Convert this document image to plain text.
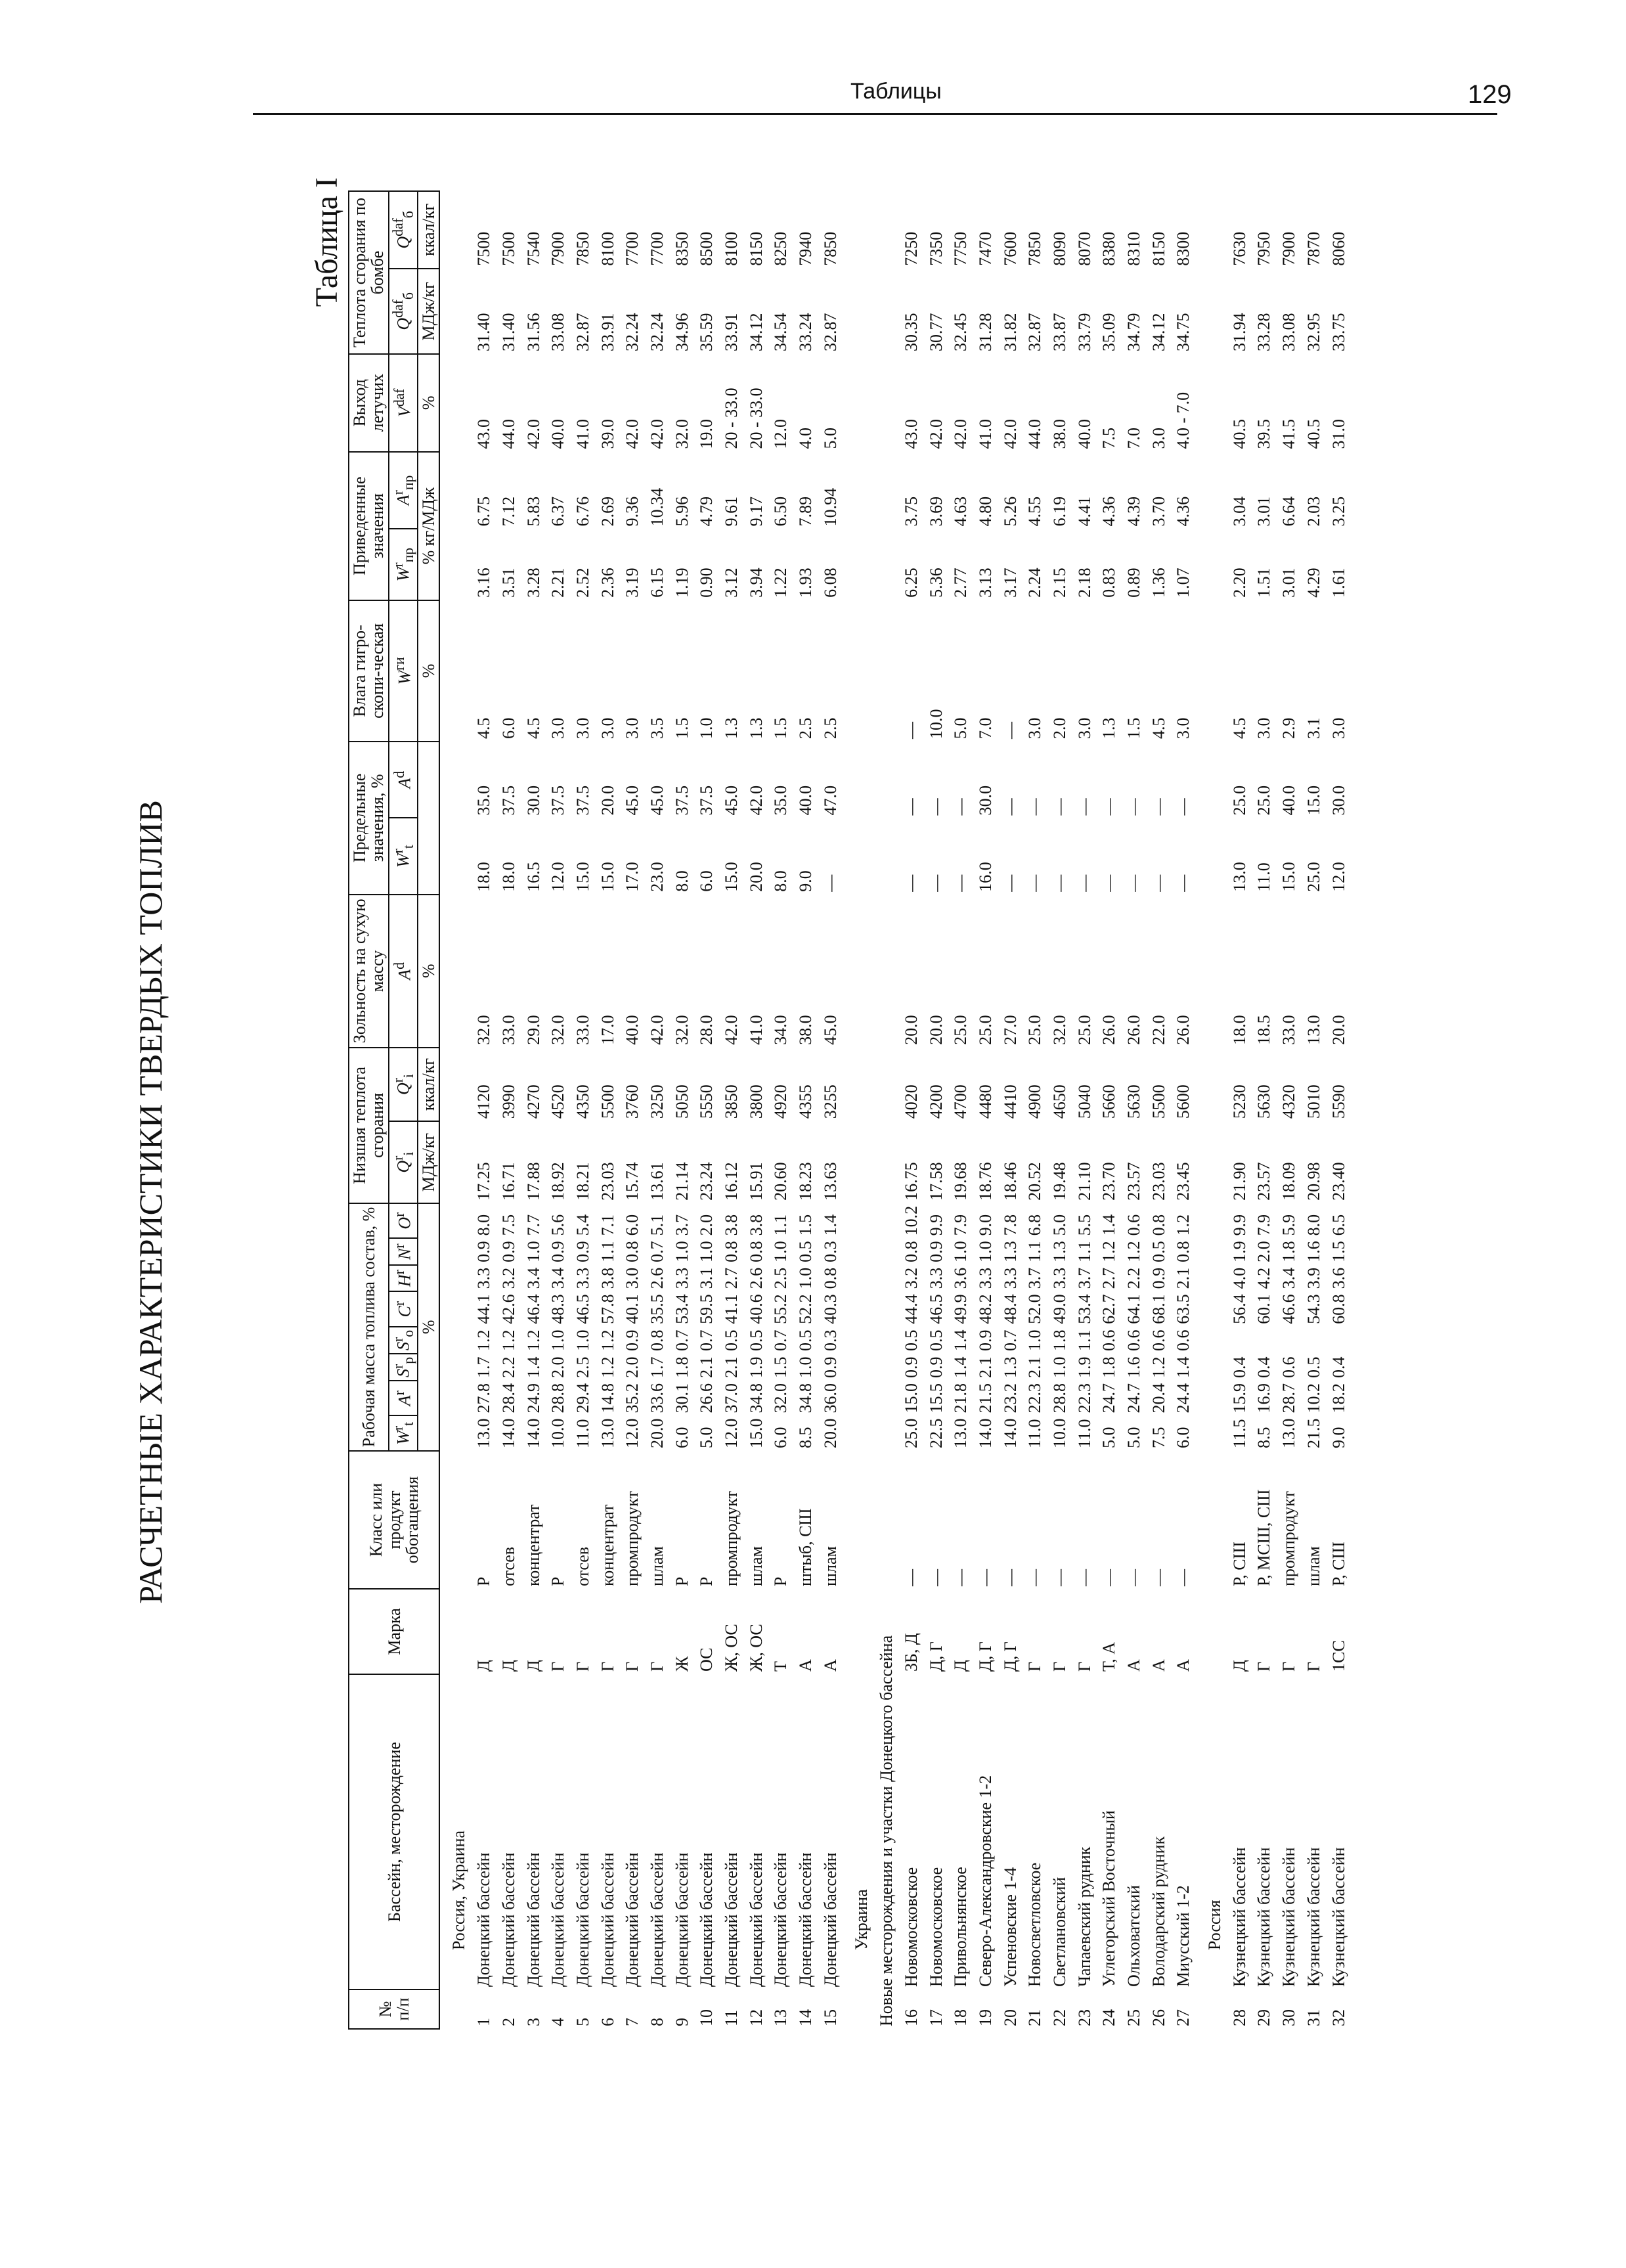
Таблицы	129
РАСЧЕТНЫЕ ХАРАКТЕРИСТИКИ ТВЕРДЫХ ТОПЛИВ
Таблица I
№ п/п	Бассейн, месторождение	Марка	Класс или продукт обогащения	Рабочая масса топлива состав, %								Низшая теплота сгорания		Зольность на сухую массу	Предельные значения, %		Влага гигро-скопи-ческая	Приведенные значения		Выход летучих	Теплота сгорания по бомбе	
				$W^r_t$	$A^r$	$S^r_p$	$S^r_o$	$C^r$	$H^r$	$N^r$	$O^r$	$Q^r_i$	$Q^r_i$	$A^d$	$W^r_t$	$A^d$	$W^{ги}$	$W^r_{пр}$	$A^r_{пр}$	$V^{daf}$	$Q^{daf}_б$	$Q^{daf}_б$
				%								МДж/кг	ккал/кг	%			%	% кг/МДж		%	МДж/кг	ккал/кг
Россия, Украина																						
1	Донецкий бассейн	Д	Р	13.0	27.8	1.7	1.2	44.1	3.3	0.9	8.0	17.25	4120	32.0	18.0	35.0	4.5	3.16	6.75	43.0	31.40	7500
2	Донецкий бассейн	Д	отсев	14.0	28.4	2.2	1.2	42.6	3.2	0.9	7.5	16.71	3990	33.0	18.0	37.5	6.0	3.51	7.12	44.0	31.40	7500
3	Донецкий бассейн	Д	концентрат	14.0	24.9	1.4	1.2	46.4	3.4	1.0	7.7	17.88	4270	29.0	16.5	30.0	4.5	3.28	5.83	42.0	31.56	7540
4	Донецкий бассейн	Г	Р	10.0	28.8	2.0	1.0	48.3	3.4	0.9	5.6	18.92	4520	32.0	12.0	37.5	3.0	2.21	6.37	40.0	33.08	7900
5	Донецкий бассейн	Г	отсев	11.0	29.4	2.5	1.0	46.5	3.3	0.9	5.4	18.21	4350	33.0	15.0	37.5	3.0	2.52	6.76	41.0	32.87	7850
6	Донецкий бассейн	Г	концентрат	13.0	14.8	1.2	1.2	57.8	3.8	1.1	7.1	23.03	5500	17.0	15.0	20.0	3.0	2.36	2.69	39.0	33.91	8100
7	Донецкий бассейн	Г	промпродукт	12.0	35.2	2.0	0.9	40.1	3.0	0.8	6.0	15.74	3760	40.0	17.0	45.0	3.0	3.19	9.36	42.0	32.24	7700
8	Донецкий бассейн	Г	шлам	20.0	33.6	1.7	0.8	35.5	2.6	0.7	5.1	13.61	3250	42.0	23.0	45.0	3.5	6.15	10.34	42.0	32.24	7700
9	Донецкий бассейн	Ж	Р	6.0	30.1	1.8	0.7	53.4	3.3	1.0	3.7	21.14	5050	32.0	8.0	37.5	1.5	1.19	5.96	32.0	34.96	8350
10	Донецкий бассейн	ОС	Р	5.0	26.6	2.1	0.7	59.5	3.1	1.0	2.0	23.24	5550	28.0	6.0	37.5	1.0	0.90	4.79	19.0	35.59	8500
11	Донецкий бассейн	Ж, ОС	промпродукт	12.0	37.0	2.1	0.5	41.1	2.7	0.8	3.8	16.12	3850	42.0	15.0	45.0	1.3	3.12	9.61	20 - 33.0	33.91	8100
12	Донецкий бассейн	Ж, ОС	шлам	15.0	34.8	1.9	0.5	40.6	2.6	0.8	3.8	15.91	3800	41.0	20.0	42.0	1.3	3.94	9.17	20 - 33.0	34.12	8150
13	Донецкий бассейн	Т	Р	6.0	32.0	1.5	0.7	55.2	2.5	1.0	1.1	20.60	4920	34.0	8.0	35.0	1.5	1.22	6.50	12.0	34.54	8250
14	Донецкий бассейн	А	штыб, СШ	8.5	34.8	1.0	0.5	52.2	1.0	0.5	1.5	18.23	4355	38.0	9.0	40.0	2.5	1.93	7.89	4.0	33.24	7940
15	Донецкий бассейн	А	шлам	20.0	36.0	0.9	0.3	40.3	0.8	0.3	1.4	13.63	3255	45.0	—	47.0	2.5	6.08	10.94	5.0	32.87	7850
Украина																						
Новые месторождения и участки Донецкого бассейна																						
16	Новомосковское	3Б, Д	—	25.0	15.0	0.9	0.5	44.4	3.2	0.8	10.2	16.75	4020	20.0	—	—	—	6.25	3.75	43.0	30.35	7250
17	Новомосковское	Д, Г	—	22.5	15.5	0.9	0.5	46.5	3.3	0.9	9.9	17.58	4200	20.0	—	—	10.0	5.36	3.69	42.0	30.77	7350
18	Привольнянское	Д	—	13.0	21.8	1.4	1.4	49.9	3.6	1.0	7.9	19.68	4700	25.0	—	—	5.0	2.77	4.63	42.0	32.45	7750
19	Северо-Александровские 1-2	Д, Г	—	14.0	21.5	2.1	0.9	48.2	3.3	1.0	9.0	18.76	4480	25.0	16.0	30.0	7.0	3.13	4.80	41.0	31.28	7470
20	Успеновские 1-4	Д, Г	—	14.0	23.2	1.3	0.7	48.4	3.3	1.3	7.8	18.46	4410	27.0	—	—	—	3.17	5.26	42.0	31.82	7600
21	Новосветловское	Г	—	11.0	22.3	2.1	1.0	52.0	3.7	1.1	6.8	20.52	4900	25.0	—	—	3.0	2.24	4.55	44.0	32.87	7850
22	Светлановский	Г	—	10.0	28.8	1.0	1.8	49.0	3.3	1.3	5.0	19.48	4650	32.0	—	—	2.0	2.15	6.19	38.0	33.87	8090
23	Чапаевский рудник	Г	—	11.0	22.3	1.9	1.1	53.4	3.7	1.1	5.5	21.10	5040	25.0	—	—	3.0	2.18	4.41	40.0	33.79	8070
24	Углегорский Восточный	Т, А	—	5.0	24.7	1.8	0.6	62.7	2.7	1.2	1.4	23.70	5660	26.0	—	—	1.3	0.83	4.36	7.5	35.09	8380
25	Ольховатский	А	—	5.0	24.7	1.6	0.6	64.1	2.2	1.2	0.6	23.57	5630	26.0	—	—	1.5	0.89	4.39	7.0	34.79	8310
26	Володарский рудник	А	—	7.5	20.4	1.2	0.6	68.1	0.9	0.5	0.8	23.03	5500	22.0	—	—	4.5	1.36	3.70	3.0	34.12	8150
27	Миусский 1-2	А	—	6.0	24.4	1.4	0.6	63.5	2.1	0.8	1.2	23.45	5600	26.0	—	—	3.0	1.07	4.36	4.0 - 7.0	34.75	8300
Россия																						
28	Кузнецкий бассейн	Д	Р, СШ	11.5	15.9	0.4		56.4	4.0	1.9	9.9	21.90	5230	18.0	13.0	25.0	4.5	2.20	3.04	40.5	31.94	7630
29	Кузнецкий бассейн	Г	Р, МСШ, СШ	8.5	16.9	0.4		60.1	4.2	2.0	7.9	23.57	5630	18.5	11.0	25.0	3.0	1.51	3.01	39.5	33.28	7950
30	Кузнецкий бассейн	Г	промпродукт	13.0	28.7	0.6		46.6	3.4	1.8	5.9	18.09	4320	33.0	15.0	40.0	2.9	3.01	6.64	41.5	33.08	7900
31	Кузнецкий бассейн	Г	шлам	21.5	10.2	0.5		54.3	3.9	1.6	8.0	20.98	5010	13.0	25.0	15.0	3.1	4.29	2.03	40.5	32.95	7870
32	Кузнецкий бассейн	1СС	Р, СШ	9.0	18.2	0.4		60.8	3.6	1.5	6.5	23.40	5590	20.0	12.0	30.0	3.0	1.61	3.25	31.0	33.75	8060
